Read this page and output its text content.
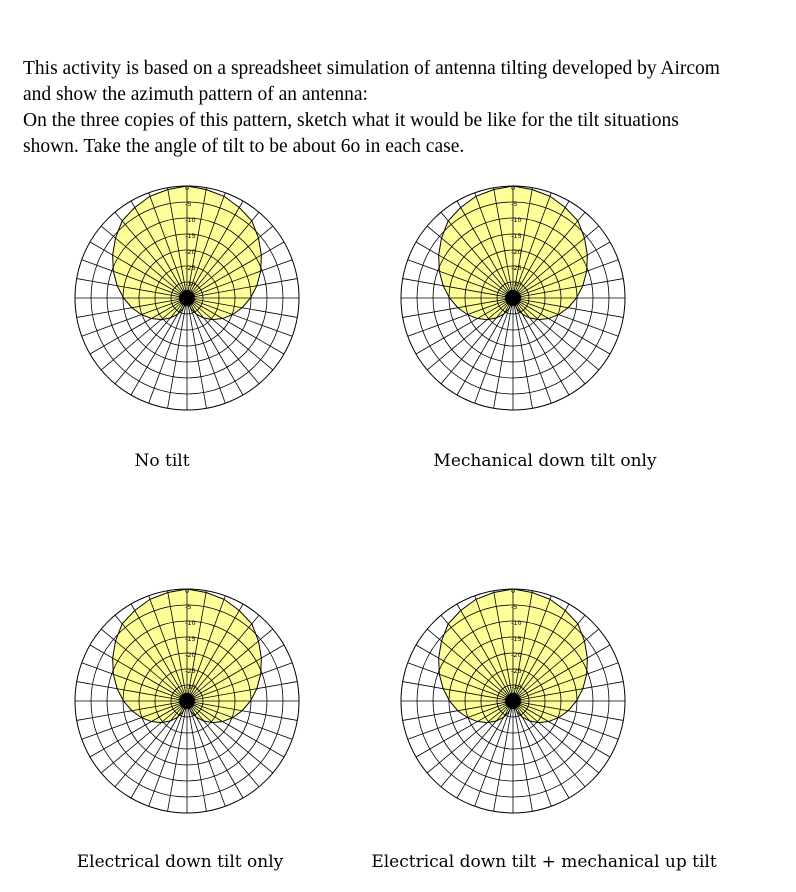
This activity is based on a spreadsheet simulation of antenna tilting developed by Aircom

and show the azimuth pattern of an antenna:

On the three copies of this pattern, sketch what it would be like for the tilt situations

shown. Take the angle of tilt to be about 6o in each case.

0
-5
-10
-15
-20
-25
-30
0
-5
-10
-15
-20
-25
-30
0
-5
-10
-15
-20
-25
-30
0
-5
-10
-15
-20
-25
-30
No tilt	Mechanical down tilt only
Electrical down tilt only	Electrical down tilt + mechanical up tilt
